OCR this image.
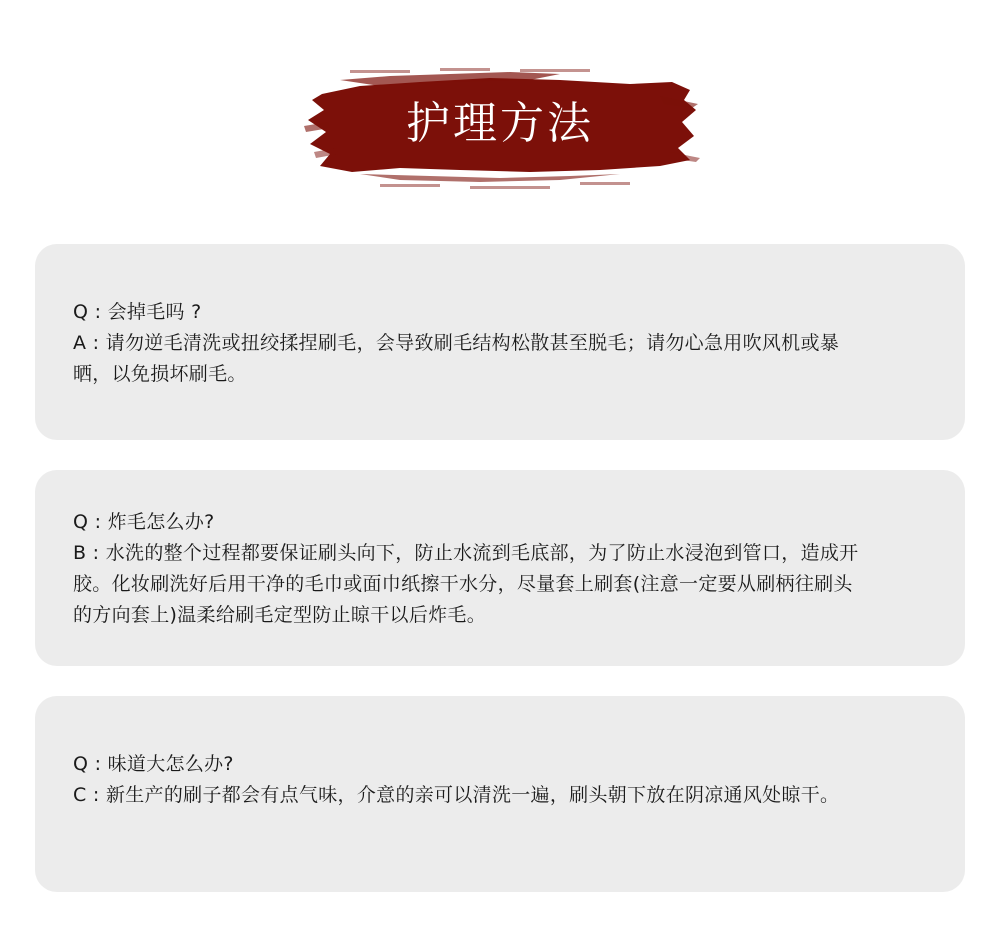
护理方法
Q : 会掉毛吗 ?
A : 请勿逆毛清洗或扭绞揉捏刷毛，会导致刷毛结构松散甚至脱毛；请勿心急用吹风机或暴晒，以免损坏刷毛。
Q : 炸毛怎么办?
B : 水洗的整个过程都要保证刷头向下，防止水流到毛底部，为了防止水浸泡到管口，造成开胶。化妆刷洗好后用干净的毛巾或面巾纸擦干水分，尽量套上刷套(注意一定要从刷柄往刷头的方向套上)温柔给刷毛定型防止晾干以后炸毛。
Q : 味道大怎么办?
C : 新生产的刷子都会有点气味，介意的亲可以清洗一遍，刷头朝下放在阴凉通风处晾干。
